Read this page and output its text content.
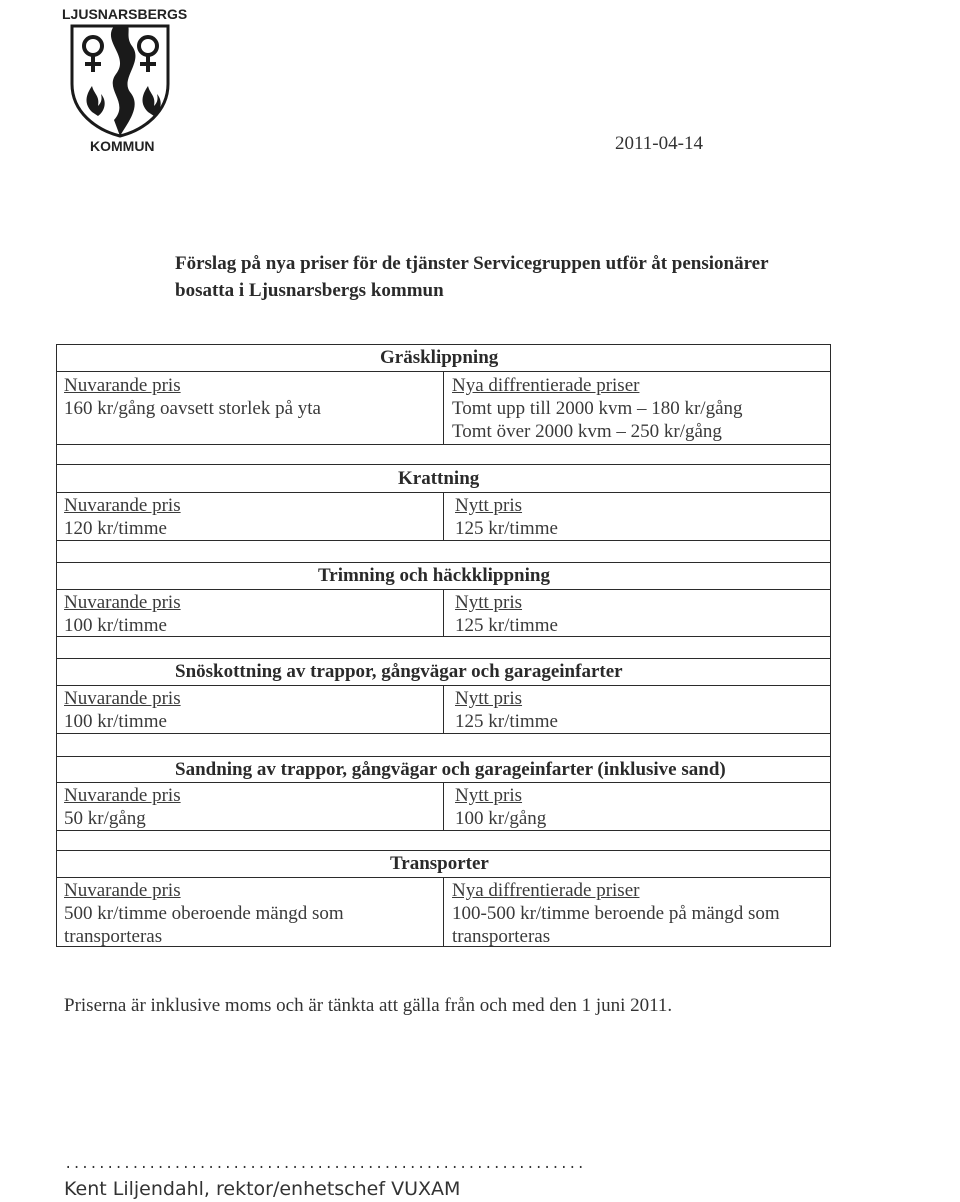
LJUSNARSBERGS
KOMMUN	2011-04-14
Förslag på nya priser för de tjänster Servicegruppen utför åt pensionärer
bosatta i Ljusnarsbergs kommun
Gräsklippning
Nuvarande pris
160 kr/gång oavsett storlek på yta
Nya diffrentierade priser
Tomt upp till 2000 kvm – 180 kr/gång
Tomt över 2000 kvm – 250 kr/gång
Krattning
Nuvarande pris
120 kr/timme
Nytt pris
125 kr/timme
Trimning och häckklippning
Nuvarande pris
100 kr/timme
Nytt pris
125 kr/timme
Snöskottning av trappor, gångvägar och garageinfarter
Nuvarande pris
100 kr/timme
Nytt pris
125 kr/timme
Sandning av trappor, gångvägar och garageinfarter (inklusive sand)
Nuvarande pris
50 kr/gång
Nytt pris
100 kr/gång
Transporter
Nuvarande pris
500 kr/timme oberoende mängd som
transporteras
Nya diffrentierade priser
100-500 kr/timme beroende på mängd som
transporteras
Priserna är inklusive moms och är tänkta att gälla från och med den 1 juni 2011.
..............................................................
Kent Liljendahl, rektor/enhetschef VUXAM
